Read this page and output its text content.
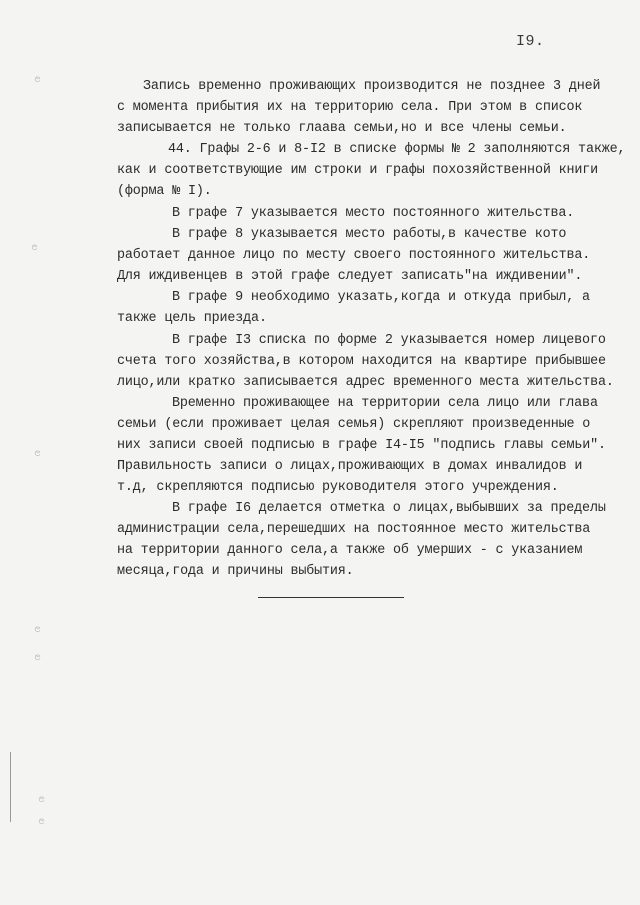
I9.
Запись временно проживающих производится не позднее 3 дней
с момента прибытия их на территорию села. При этом в список
записывается не только глаава семьи,но и все члены семьи.
44. Графы 2-6 и 8-I2 в списке формы № 2 заполняются также,
как и соответствующие им строки и графы похозяйственной книги
(форма № I).
В графе 7 указывается место постоянного жительства.
В графе 8 указывается место работы,в качестве кото
работает данное лицо по месту своего постоянного жительства.
Для иждивенцев в этой графе следует записать"на иждивении".
В графе 9 необходимо указать,когда и откуда прибыл, а
также цель приезда.
В графе I3 списка по форме 2 указывается номер лицевого
счета того хозяйства,в котором находится на квартире прибывшее
лицо,или кратко записывается адрес временного места жительства.
Временно проживающее на территории села лицо или глава
семьи (если проживает целая семья) скрепляют произведенные о
них записи своей подписью в графе I4-I5 "подпись главы семьи".
Правильность записи о лицах,проживающих в домах инвалидов и
т.д, скрепляются подписью руководителя этого учреждения.
В графе I6 делается отметка о лицах,выбывших за пределы
администрации села,перешедших на постоянное место жительства
на территории данного села,а также об умерших - с указанием
месяца,года и причины выбытия.
ၔ
ၔ
ၔ
ၔ
ၔ
ၔ
ၔ
